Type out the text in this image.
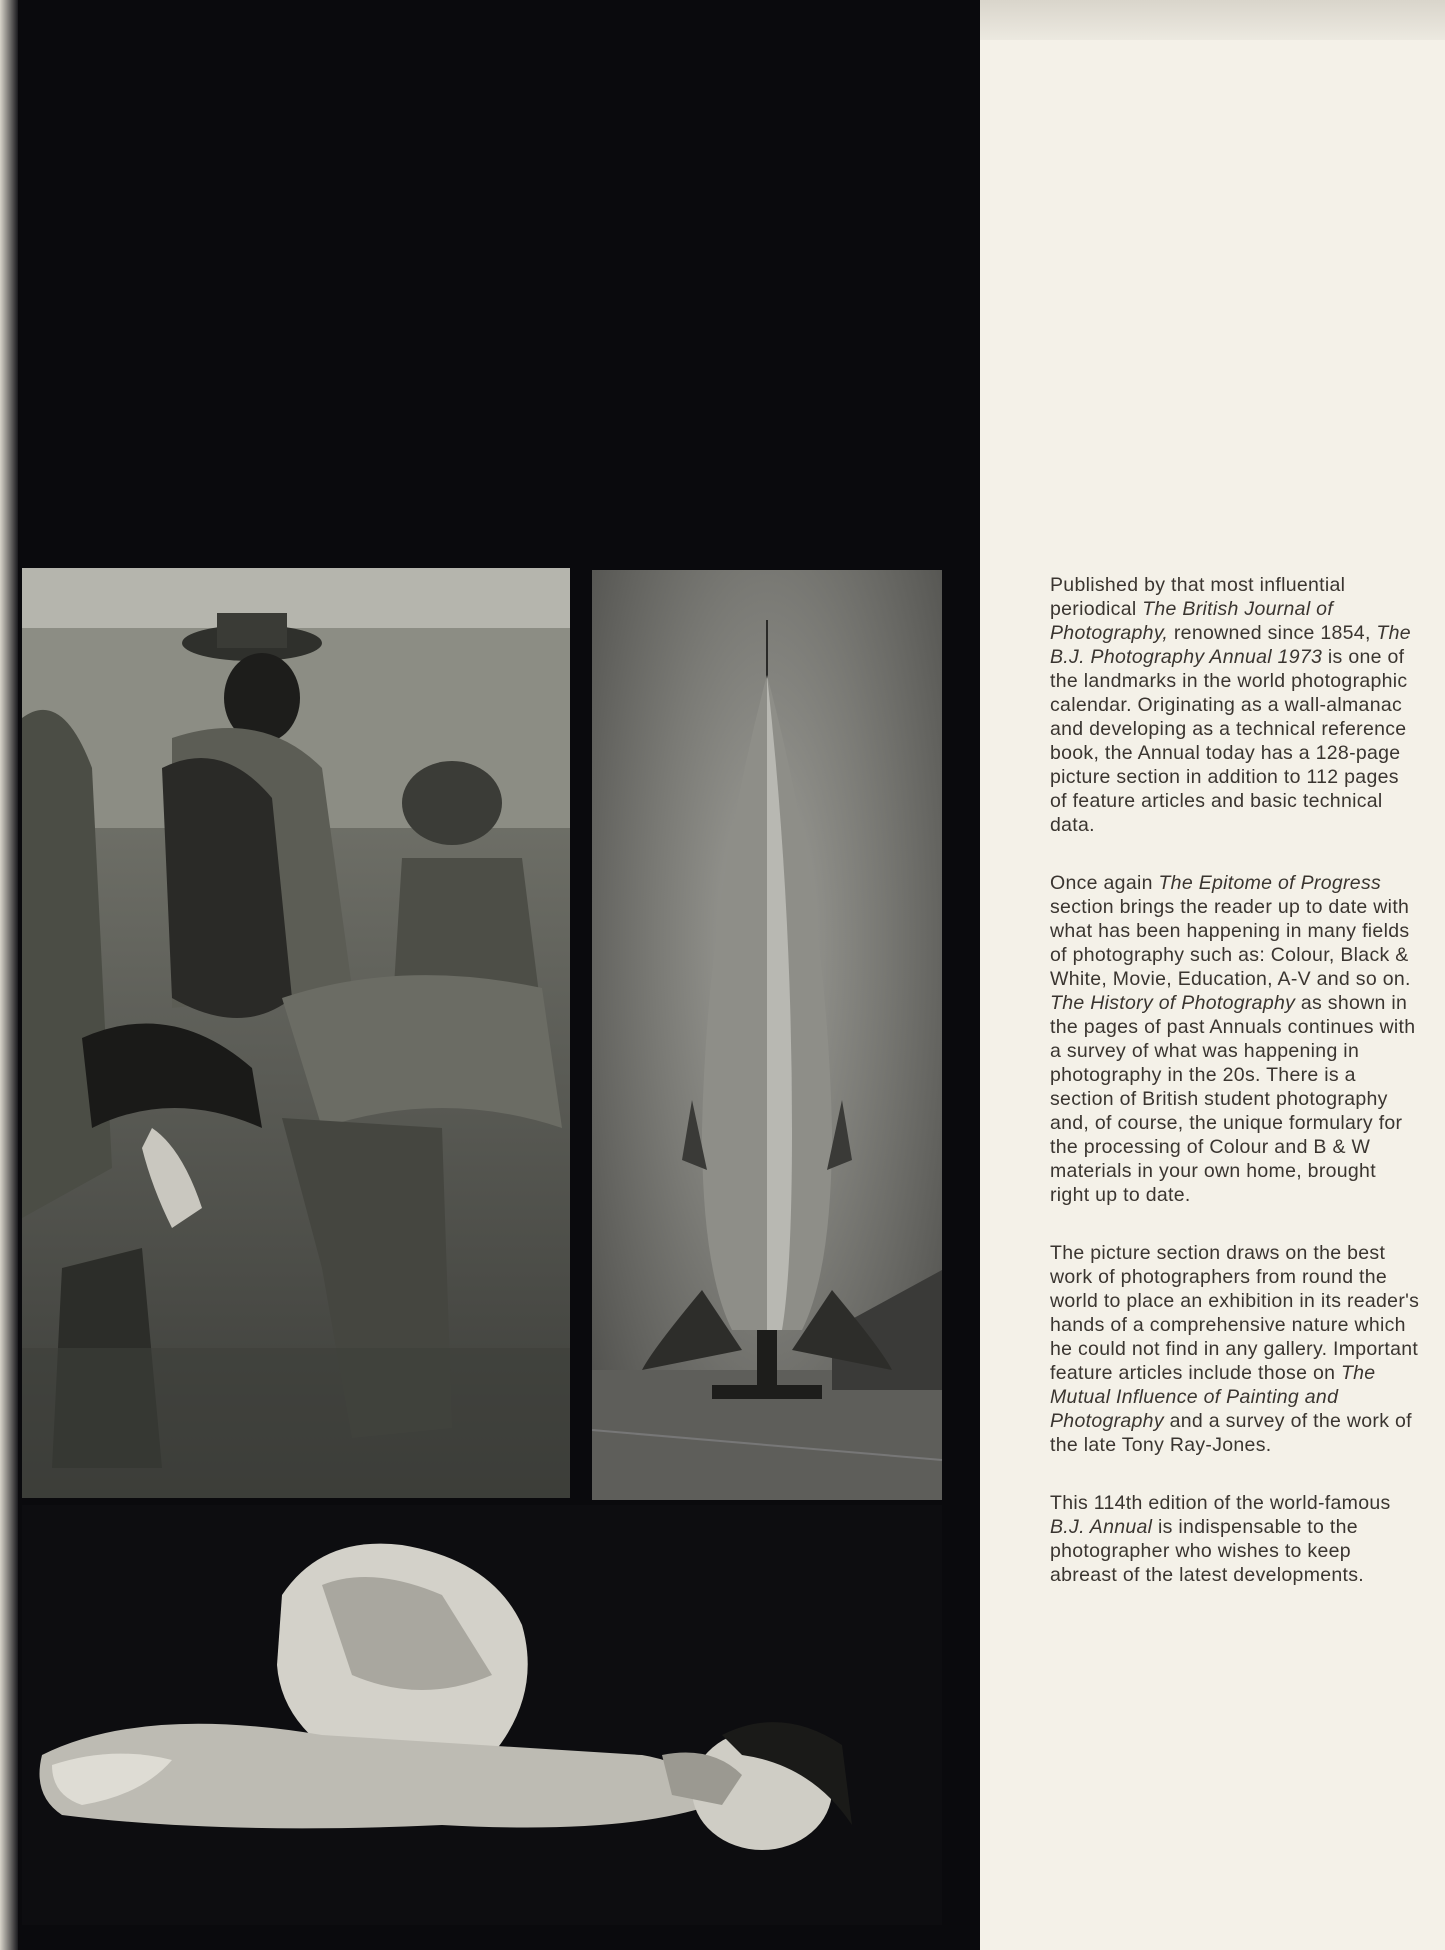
Published by that most influential periodical The British Journal of Photography, renowned since 1854, The B.J. Photography Annual 1973 is one of the landmarks in the world photographic calendar. Originating as a wall-almanac and developing as a technical reference book, the Annual today has a 128-page picture section in addition to 112 pages of feature articles and basic technical data.

Once again The Epitome of Progress section brings the reader up to date with what has been happening in many fields of photography such as: Colour, Black & White, Movie, Education, A-V and so on. The History of Photography as shown in the pages of past Annuals continues with a survey of what was happening in photography in the 20s. There is a section of British student photography and, of course, the unique formulary for the processing of Colour and B & W materials in your own home, brought right up to date.

The picture section draws on the best work of photographers from round the world to place an exhibition in its reader's hands of a comprehensive nature which he could not find in any gallery. Important feature articles include those on The Mutual Influence of Painting and Photography and a survey of the work of the late Tony Ray-Jones.

This 114th edition of the world-famous B.J. Annual is indispensable to the photographer who wishes to keep abreast of the latest developments.
